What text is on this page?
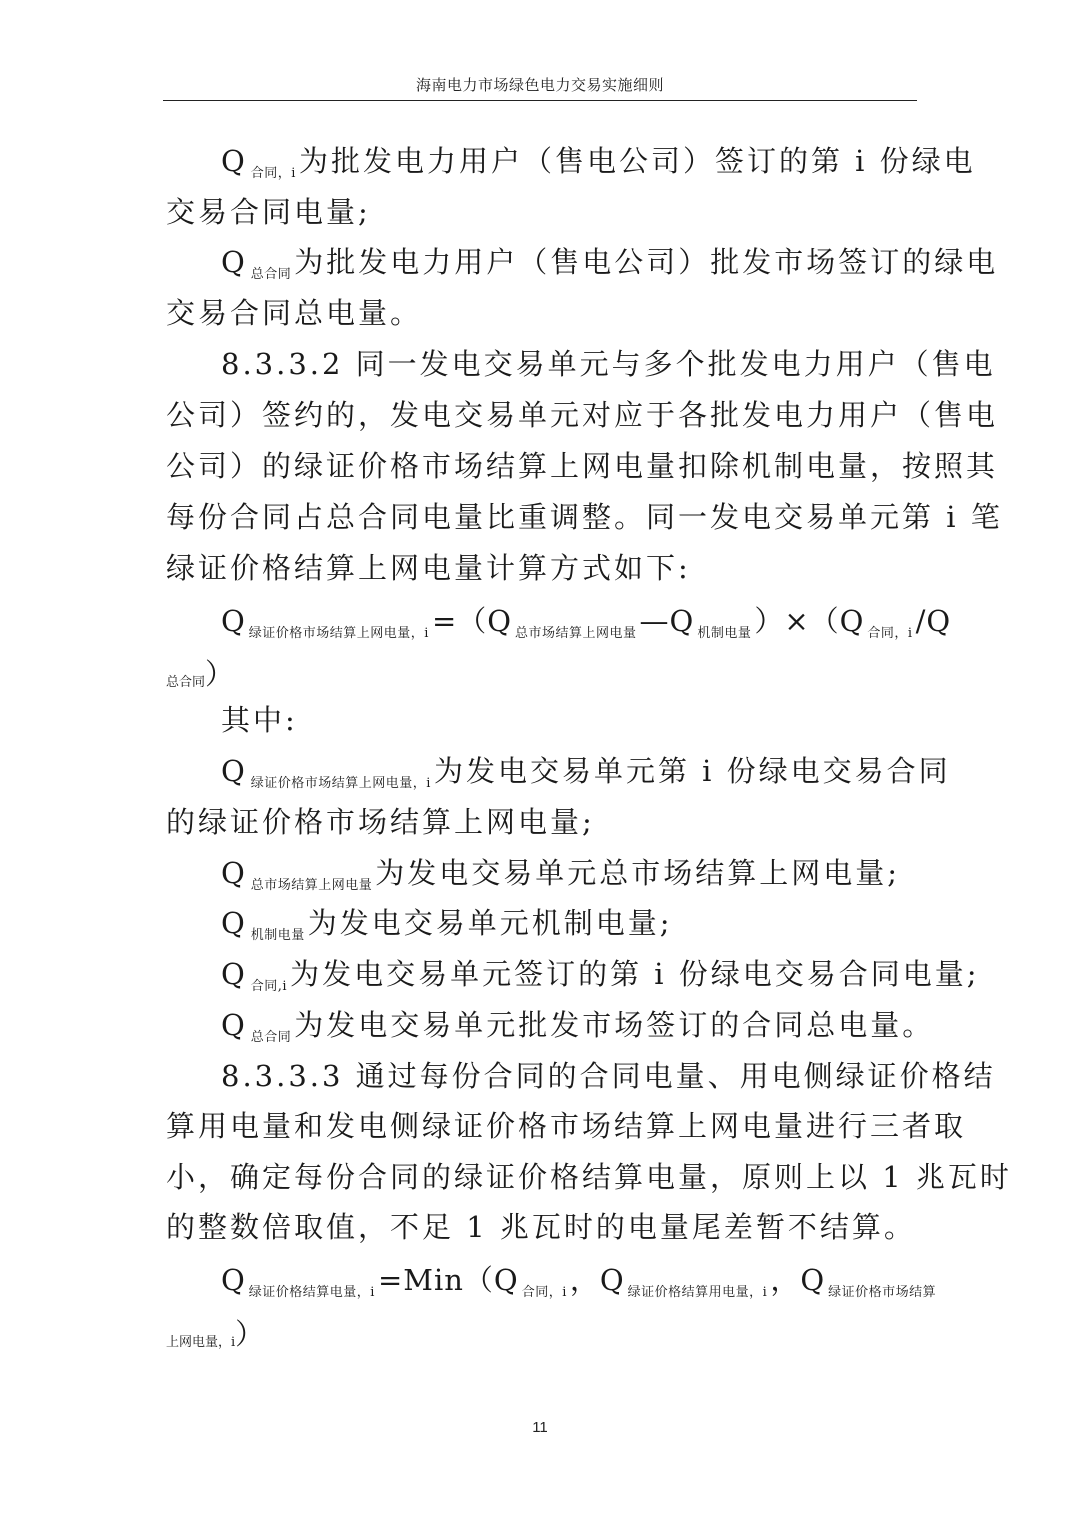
海南电力市场绿色电力交易实施细则
Q $_{合同,i}$ 为批发电力用户（售电公司）签订的第 i 份绿电
交易合同电量;
Q $_{总合同}$ 为批发电力用户（售电公司）批发市场签订的绿电
交易合同总电量。
8.3.3.2 同一发电交易单元与多个批发电力用户（售电
公司）签约的，发电交易单元对应于各批发电力用户（售电
公司）的绿证价格市场结算上网电量扣除机制电量，按照其
每份合同占总合同电量比重调整。同一发电交易单元第 i 笔
绿证价格结算上网电量计算方式如下:
Q $_{绿证价格市场结算上网电量,i}$ =（Q $_{总市场结算上网电量}$ —Q $_{机制电量}$ ）×（Q $_{合同,i}$ /Q
总合同）
其中:
Q $_{绿证价格市场结算上网电量,i}$ 为发电交易单元第 i 份绿电交易合同
的绿证价格市场结算上网电量;
Q $_{总市场结算上网电量}$ 为发电交易单元总市场结算上网电量;
Q $_{机制电量}$ 为发电交易单元机制电量;
Q $_{合同,i}$ 为发电交易单元签订的第 i 份绿电交易合同电量;
Q $_{总合同}$ 为发电交易单元批发市场签订的合同总电量。
8.3.3.3 通过每份合同的合同电量、用电侧绿证价格结
算用电量和发电侧绿证价格市场结算上网电量进行三者取
小，确定每份合同的绿证价格结算电量，原则上以 1 兆瓦时
的整数倍取值，不足 1 兆瓦时的电量尾差暂不结算。
Q $_{绿证价格结算电量,i}$ =Min（Q $_{合同,i}$ ，Q $_{绿证价格结算用电量,i}$ ，Q $_{绿证价格市场结算}$
上网电量，i）
11
